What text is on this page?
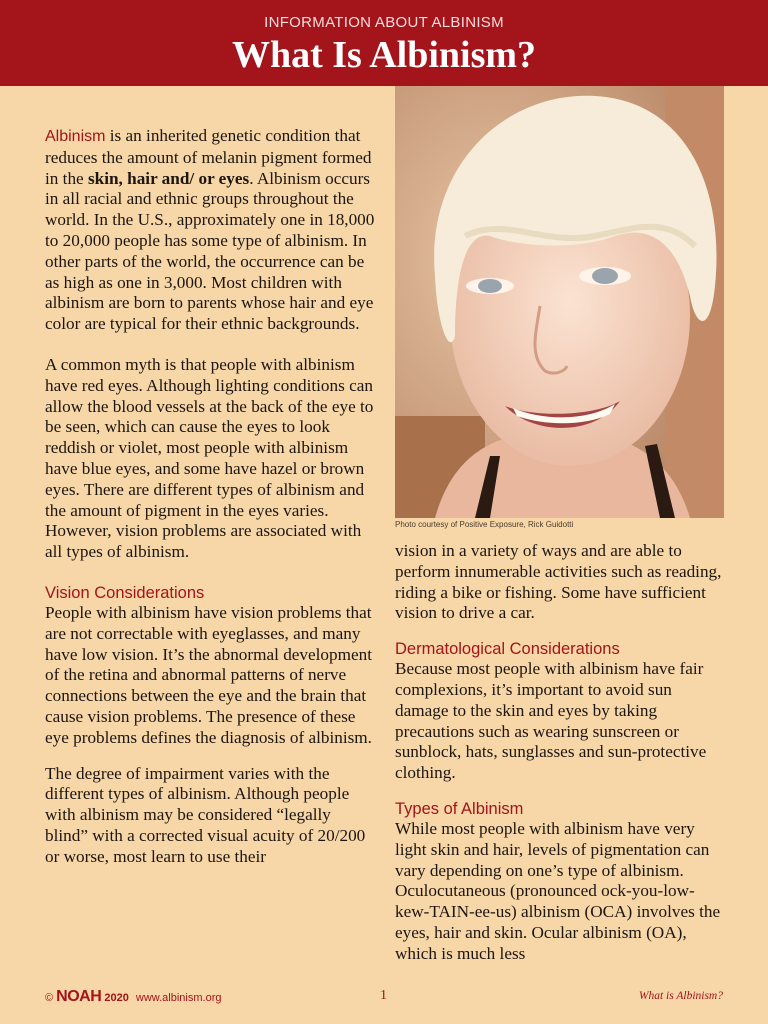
INFORMATION ABOUT ALBINISM
What Is Albinism?
Photo courtesy of Positive Exposure, Rick Guidotti

Albinism is an inherited genetic condition that reduces the amount of melanin pigment formed in the skin, hair and/ or eyes. Albinism occurs in all racial and ethnic groups throughout the world. In the U.S., approximately one in 18,000 to 20,000 people has some type of albinism. In other parts of the world, the occurrence can be as high as one in 3,000. Most children with albinism are born to parents whose hair and eye color are typical for their ethnic backgrounds.

A common myth is that people with albinism have red eyes. Although lighting conditions can allow the blood vessels at the back of the eye to be seen, which can cause the eyes to look reddish or violet, most people with albinism have blue eyes, and some have hazel or brown eyes. There are different types of albinism and the amount of pigment in the eyes varies. However, vision problems are associated with all types of albinism.

Vision Considerations

People with albinism have vision problems that are not correctable with eyeglasses, and many have low vision. It’s the abnormal development of the retina and abnormal patterns of nerve connections between the eye and the brain that cause vision problems. The presence of these eye problems defines the diagnosis of albinism.

The degree of impairment varies with the different types of albinism. Although people with albinism may be considered “legally blind” with a corrected visual acuity of 20/200 or worse, most learn to use their

vision in a variety of ways and are able to perform innumerable activities such as reading, riding a bike or fishing. Some have sufficient vision to drive a car.

Dermatological Considerations

Because most people with albinism have fair complexions, it’s important to avoid sun damage to the skin and eyes by taking precautions such as wearing sunscreen or sunblock, hats, sunglasses and sun-protective clothing.

Types of Albinism

While most people with albinism have very light skin and hair, levels of pigmentation can vary depending on one’s type of albinism. Oculocutaneous (pronounced ock-you-low-kew-TAIN-ee-us) albinism (OCA) involves the eyes, hair and skin. Ocular albinism (OA), which is much less

© NOAH 2020 www.albinism.org	1	What is Albinism?
